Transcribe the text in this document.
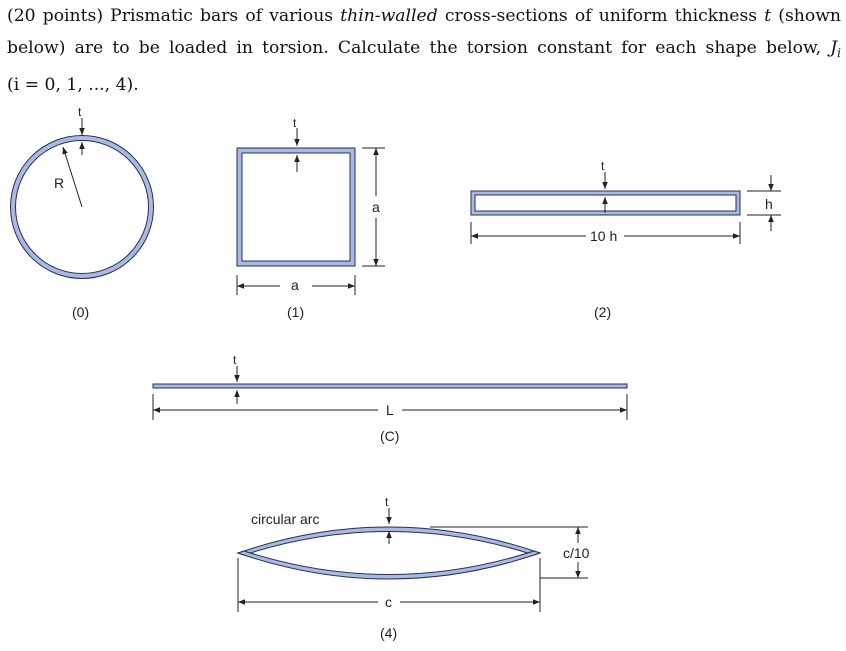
(20 points) Prismatic bars of various thin-walled cross-sections of uniform thickness t (shown
below) are to be loaded in torsion. Calculate the torsion constant for each shape below, $J_i$
(i = 0, 1, ..., 4).
R
t
(0)
t
a
a
(1)
t
h
10 h
(2)
t
L
(C)
circular arc
t
c/10
c
(4)
